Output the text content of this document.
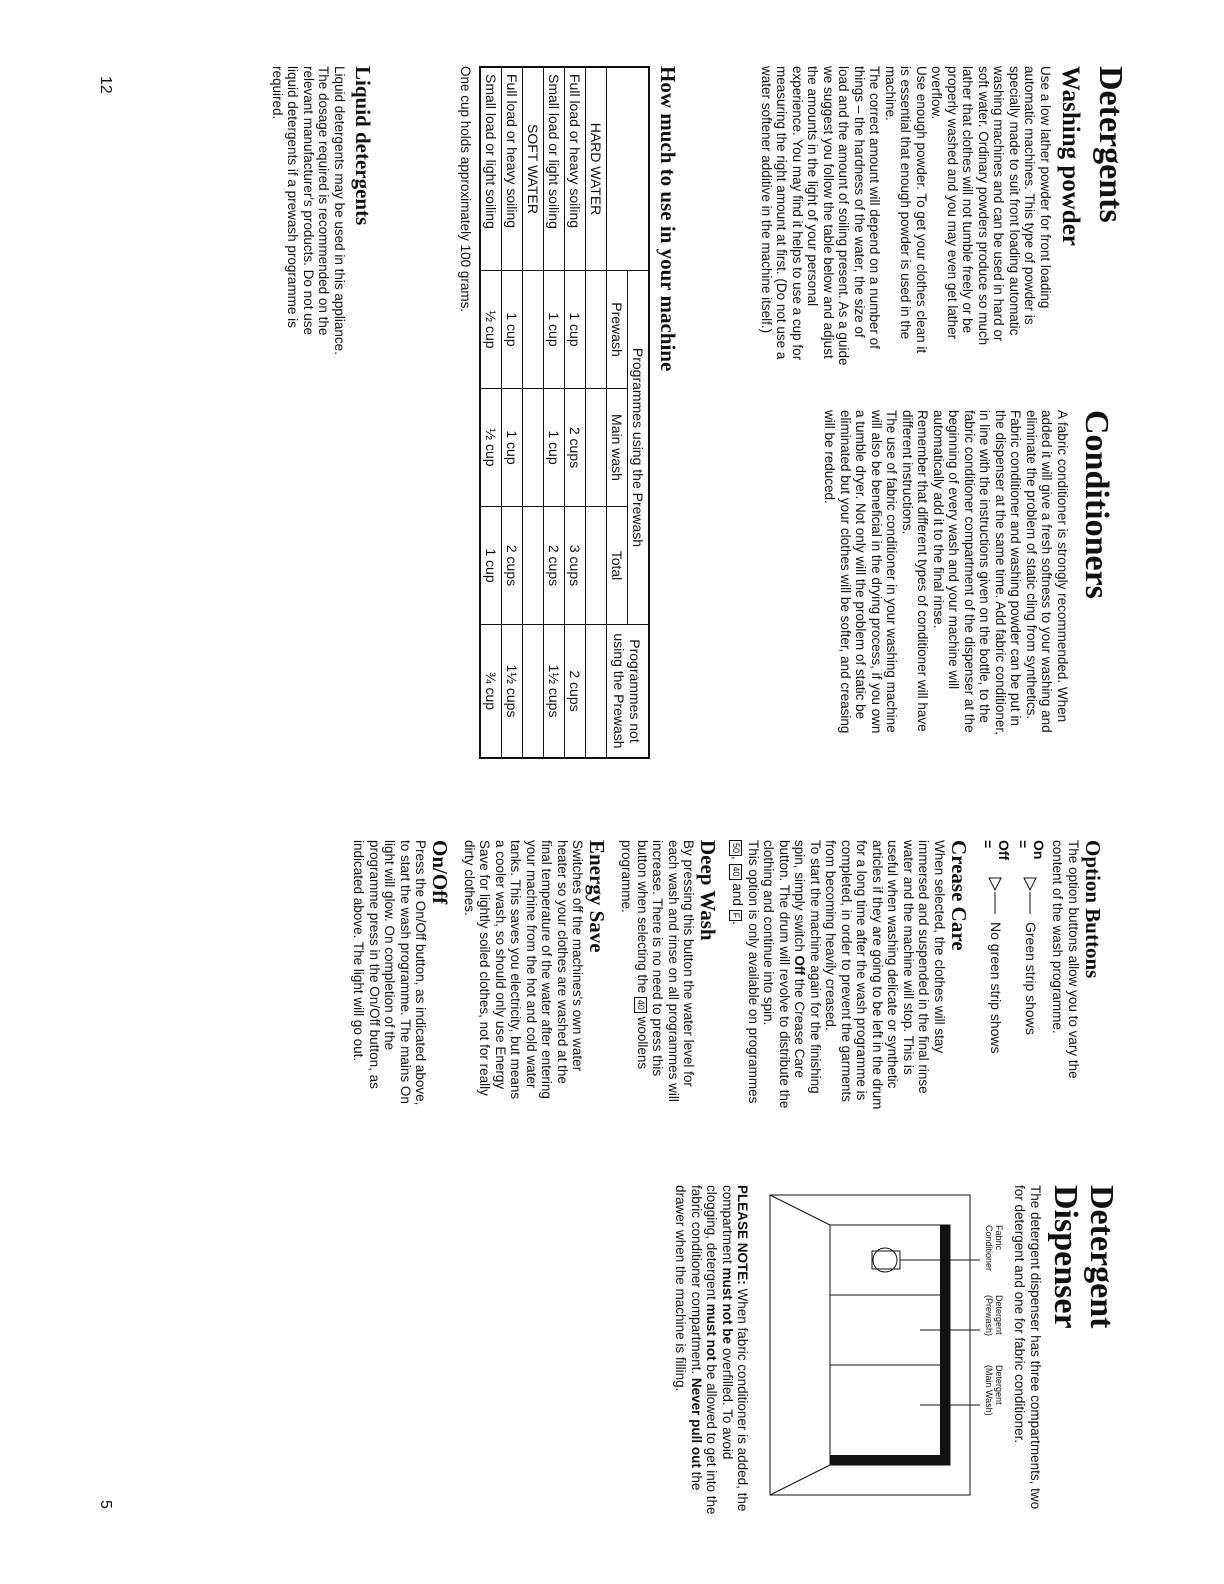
Detergents
Washing powder

Use a low lather powder for front loading automatic machines. This type of powder is specially made to suit front loading automatic washing machines and can be used in hard or soft water. Ordinary powders produce so much lather that clothes will not tumble freely or be properly washed and you may even get lather overflow.

Use enough powder. To get your clothes clean it is essential that enough powder is used in the machine.

The correct amount will depend on a number of things – the hardness of the water, the size of load and the amount of soiling present. As a guide we suggest you follow the table below and adjust the amounts in the light of your personal experience. You may find it helps to use a cup for measuring the right amount at first. (Do not use a water softener additive in the machine itself.)

Conditioners

A fabric conditioner is strongly recommended. When added it will give a fresh softness to your washing and eliminate the problem of static cling from synthetics.

Fabric conditioner and washing powder can be put in the dispenser at the same time. Add fabric conditioner, in line with the instructions given on the bottle, to the fabric conditioner compartment of the dispenser at the beginning of every wash and your machine will automatically add it to the final rinse.

Remember that different types of conditioner will have different instructions.

The use of fabric conditioner in your washing machine will also be beneficial in the drying process, if you own a tumble dryer. Not only will the problem of static be eliminated but your clothes will be softer, and creasing will be reduced.

How much to use in your machine
	Programmes using the Prewash			Programmes not using the Prewash
	Prewash	Main wash	Total	
HARD WATER				
Full load or heavy soiling	1 cup	2 cups	3 cups	2 cups
Small load or light soiling	1 cup	1 cup	2 cups	1½ cups
SOFT WATER				
Full load or heavy soiling	1 cup	1 cup	2 cups	1½ cups
Small load or light soiling	½ cup	½ cup	1 cup	¾ cup

One cup holds approximately 100 grams.

Liquid detergents

Liquid detergents may be used in this appliance. The dosage required is recommended on the relevant manufacturer's products. Do not use liquid detergents if a prewash programme is required.

12
Option Buttons

The option buttons allow you to vary the content of the wash programme.

On =
Green strip shows
Off =
No green strip shows
Crease Care

When selected, the clothes will stay immersed and suspended in the final rinse water and the machine will stop. This is useful when washing delicate or synthetic articles if they are going to be left in the drum for a long time after the wash programme is completed, in order to prevent the garments from becoming heavily creased.

To start the machine again for the finishing spin, simply switch Off the Crease Care button. The drum will revolve to distribute the clothing and continue into spin.

This option is only available on programmes 50, 40 and F.

Deep Wash

By pressing this button the water level for each wash and rinse on all programmes will increase. There is no need to press this button when selecting the 40 woollens programme.

Energy Save

Switches off the machines's own water heater so your clothes are washed at the final temperature of the water after entering your machine from the hot and cold water tanks. This saves you electricity, but means a cooler wash, so should only use Energy Save for lightly soiled clothes, not for really dirty clothes.

On/Off

Press the On/Off button, as indicated above, to start the wash programme. The mains On light will glow. On completion of the programme press in the On/Off button, as indicated above. The light will go out.

Detergent
Dispenser

The detergent dispenser has three compartments, two for detergent and one for fabric conditioner.

Fabric Conditioner
Detergent (Prewash)
Detergent (Main Wash)

PLEASE NOTE: When fabric conditioner is added, the compartment must not be overfilled. To avoid clogging, detergent must not be allowed to get into the fabric conditioner compartment. Never pull out the drawer when the machine is filling.

5
